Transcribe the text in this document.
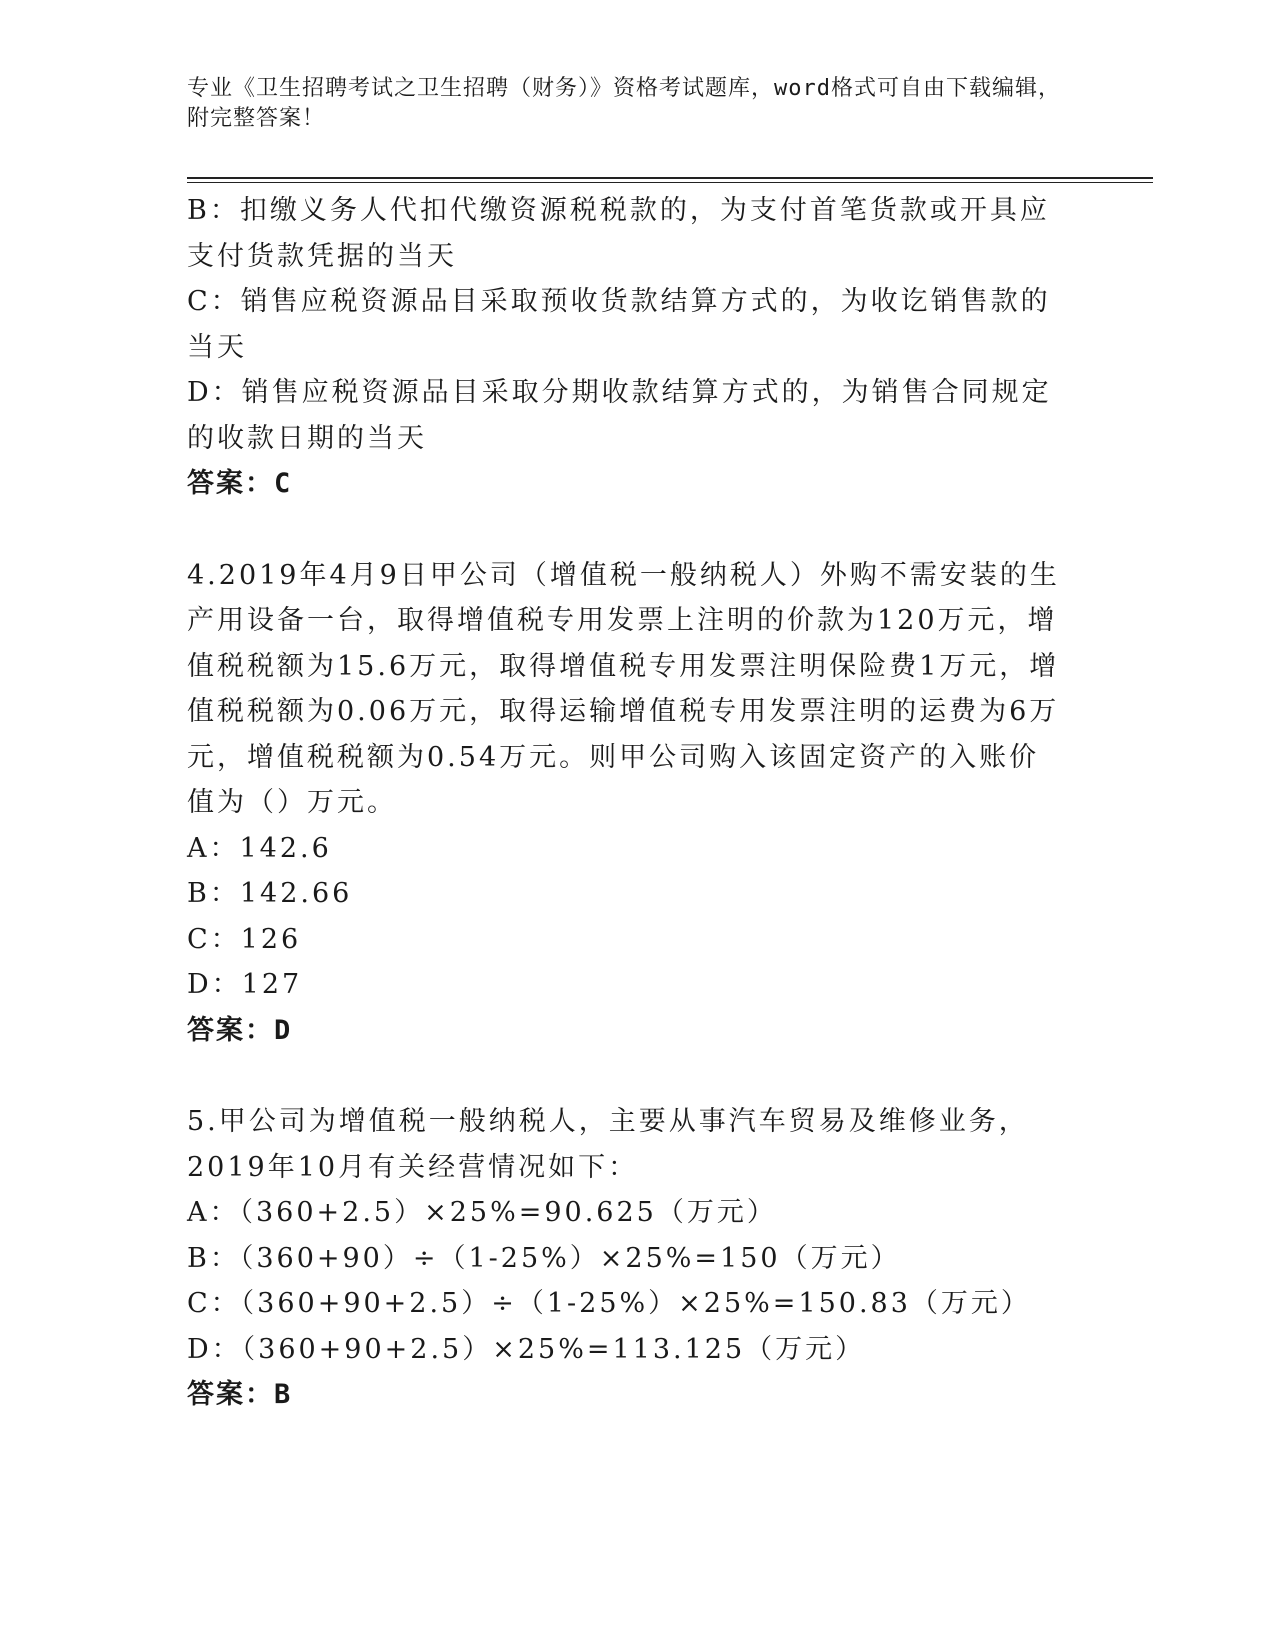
专业《卫生招聘考试之卫生招聘（财务）》资格考试题库，word格式可自由下载编辑，附完整答案！

B：扣缴义务人代扣代缴资源税税款的，为支付首笔货款或开具应支付货款凭据的当天

C：销售应税资源品目采取预收货款结算方式的，为收讫销售款的当天

D：销售应税资源品目采取分期收款结算方式的，为销售合同规定的收款日期的当天

答案：C

4.2019年4月9日甲公司（增值税一般纳税人）外购不需安装的生产用设备一台，取得增值税专用发票上注明的价款为120万元，增值税税额为15.6万元，取得增值税专用发票注明保险费1万元，增值税税额为0.06万元，取得运输增值税专用发票注明的运费为6万元，增值税税额为0.54万元。则甲公司购入该固定资产的入账价值为（）万元。

A：142.6

B：142.66

C：126

D：127

答案：D

5.甲公司为增值税一般纳税人，主要从事汽车贸易及维修业务，2019年10月有关经营情况如下：

A：（360+2.5）×25%=90.625（万元）

B：（360+90）÷（1-25%）×25%=150（万元）

C：（360+90+2.5）÷（1-25%）×25%=150.83（万元）

D：（360+90+2.5）×25%=113.125（万元）

答案：B
